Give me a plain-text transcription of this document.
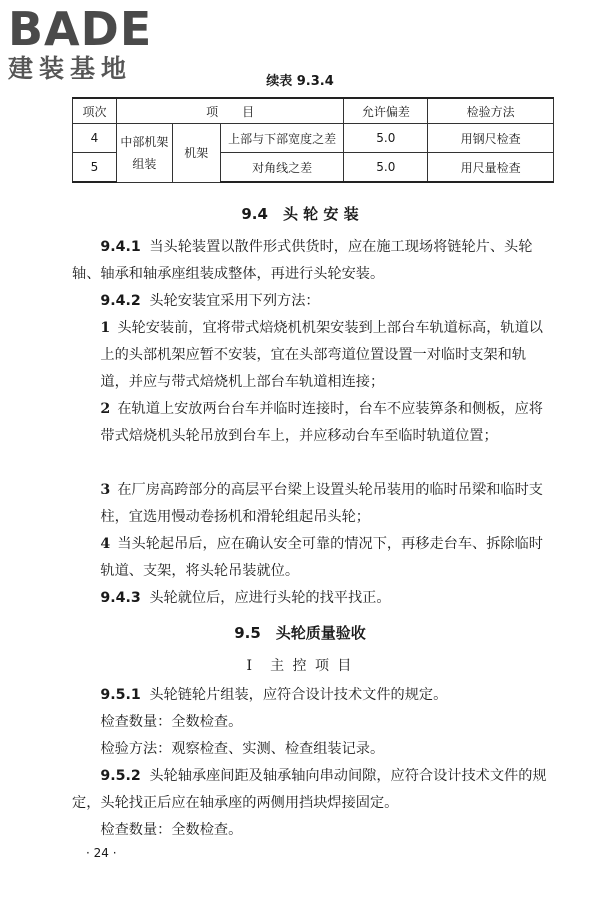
BADE
建装基地	续表 9.3.4
项次	项　　目			允许偏差	检验方法
4	中部机架组装	机架	上部与下部宽度之差	5.0	用钢尺检查
5			对角线之差	5.0	用尺量检查
9.4　头 轮 安 装

9.4.1 当头轮装置以散件形式供货时，应在施工现场将链轮片、头轮轴、轴承和轴承座组装成整体，再进行头轮安装。

9.4.2 头轮安装宜采用下列方法：

1 头轮安装前，宜将带式焙烧机机架安装到上部台车轨道标高，轨道以上的头部机架应暂不安装，宜在头部弯道位置设置一对临时支架和轨道，并应与带式焙烧机上部台车轨道相连接；

2 在轨道上安放两台台车并临时连接时，台车不应装箅条和侧板，应将带式焙烧机头轮吊放到台车上，并应移动台车至临时轨道位置；

3 在厂房高跨部分的高层平台梁上设置头轮吊装用的临时吊梁和临时支柱，宜选用慢动卷扬机和滑轮组起吊头轮；

4 当头轮起吊后，应在确认安全可靠的情况下，再移走台车、拆除临时轨道、支架，将头轮吊装就位。

9.4.3 头轮就位后，应进行头轮的找平找正。

9.5　头轮质量验收
Ⅰ　主 控 项 目

9.5.1 头轮链轮片组装，应符合设计技术文件的规定。

检查数量：全数检查。

检验方法：观察检查、实测、检查组装记录。

9.5.2 头轮轴承座间距及轴承轴向串动间隙，应符合设计技术文件的规定，头轮找正后应在轴承座的两侧用挡块焊接固定。

检查数量：全数检查。

· 24 ·
